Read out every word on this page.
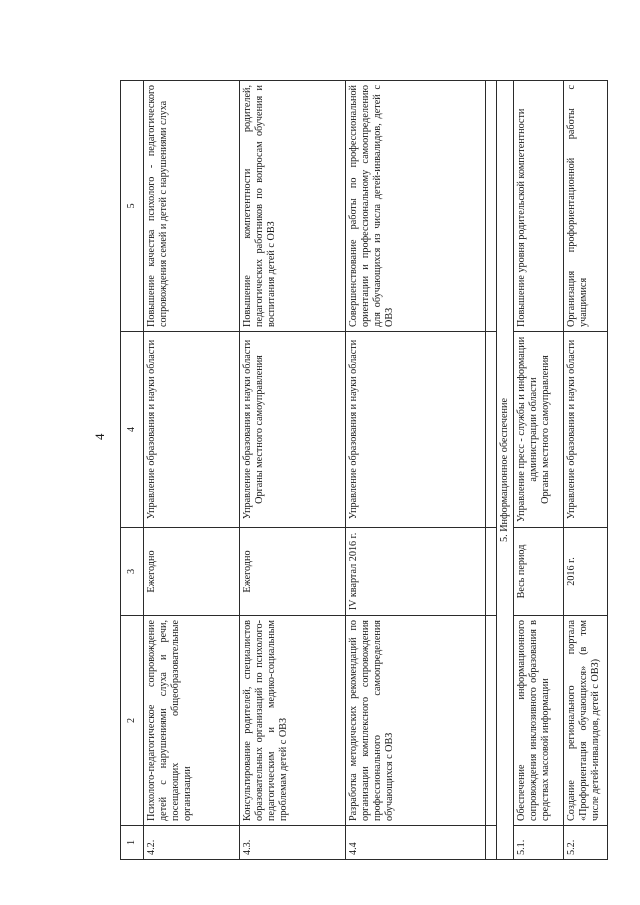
4
1	2	3	4	5
4.2.	Психолого-педагогическое сопровождение детей с нарушениями слуха и речи, посещающих общеобразовательные организации	Ежегодно	Управление образования и науки области	Повышение качества психолого - педагогического сопровождения семей и детей с нарушениями слуха
4.3.	Консультирование родителей, специалистов образовательных организаций по психолого-педагогическим и медико-социальным проблемам детей с ОВЗ	Ежегодно	Управление образования и науки области Органы местного самоуправления	Повышение компетентности родителей, педагогических работников по вопросам обучения и воспитания детей с ОВЗ
4.4	Разработка методических рекомендаций по организации комплексного сопровождения профессионального самоопределения обучающихся с ОВЗ	IV квартал 2016 г.	Управление образования и науки области	Совершенствование работы по профессиональной ориентации и профессиональному самоопределению для обучающихся из числа детей-инвалидов, детей с ОВЗ

5. Информационное обеспечение				
5.1.	Обеспечение информационного сопровождения инклюзивного образования в средствах массовой информации	Весь период	Управление пресс - службы и информации администрации области Органы местного самоуправления	Повышение уровня родительской компетентности
5.2.	Создание регионального портала «Профориентация обучающихся» (в том числе детей-инвалидов, детей с ОВЗ)	2016 г.	Управление образования и науки области	Организация профориентационной работы с учащимися
